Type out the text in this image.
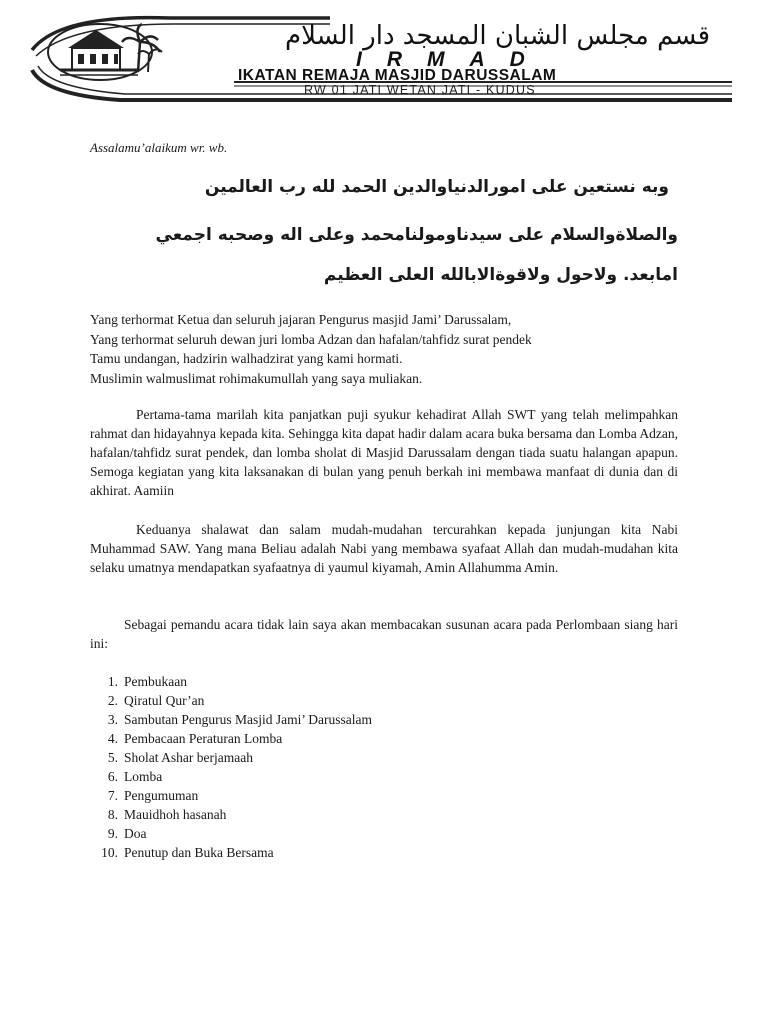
قسم مجلس الشبان المسجد دار السلام
IRMAD
IKATAN REMAJA MASJID DARUSSALAM
RW 01 JATI WETAN JATI - KUDUS
Assalamu’alaikum wr. wb.
وبه نستعين على امورالدنياوالدين الحمد لله رب العالمين
والصلاةوالسلام على سيدناومولنامحمد وعلى اله وصحبه اجمعي
امابعد. ولاحول ولاقوةالابالله العلى العظيم
Yang terhormat Ketua dan seluruh jajaran Pengurus masjid Jami’ Darussalam,
Yang terhormat seluruh dewan juri lomba Adzan dan hafalan/tahfidz surat pendek
Tamu undangan, hadzirin walhadzirat yang kami hormati.
Muslimin walmuslimat rohimakumullah yang saya muliakan.

Pertama-tama marilah kita panjatkan puji syukur kehadirat Allah SWT yang telah melimpahkan rahmat dan hidayahnya kepada kita. Sehingga kita dapat hadir dalam acara buka bersama dan Lomba Adzan, hafalan/tahfidz surat pendek, dan lomba sholat di Masjid Darussalam dengan tiada suatu halangan apapun. Semoga kegiatan yang kita laksanakan di bulan yang penuh berkah ini membawa manfaat di dunia dan di akhirat. Aamiin

Keduanya shalawat dan salam mudah-mudahan tercurahkan kepada junjungan kita Nabi Muhammad SAW. Yang mana Beliau adalah Nabi yang membawa syafaat Allah dan mudah-mudahan kita selaku umatnya mendapatkan syafaatnya di yaumul kiyamah, Amin Allahumma Amin.

Sebagai pemandu acara tidak lain saya akan membacakan susunan acara pada Perlombaan siang hari ini:

1. Pembukaan
2. Qiratul Qur’an
3. Sambutan Pengurus Masjid Jami’ Darussalam
4. Pembacaan Peraturan Lomba
5. Sholat Ashar berjamaah
6. Lomba
7. Pengumuman
8. Mauidhoh hasanah
9. Doa
10. Penutup dan Buka Bersama
